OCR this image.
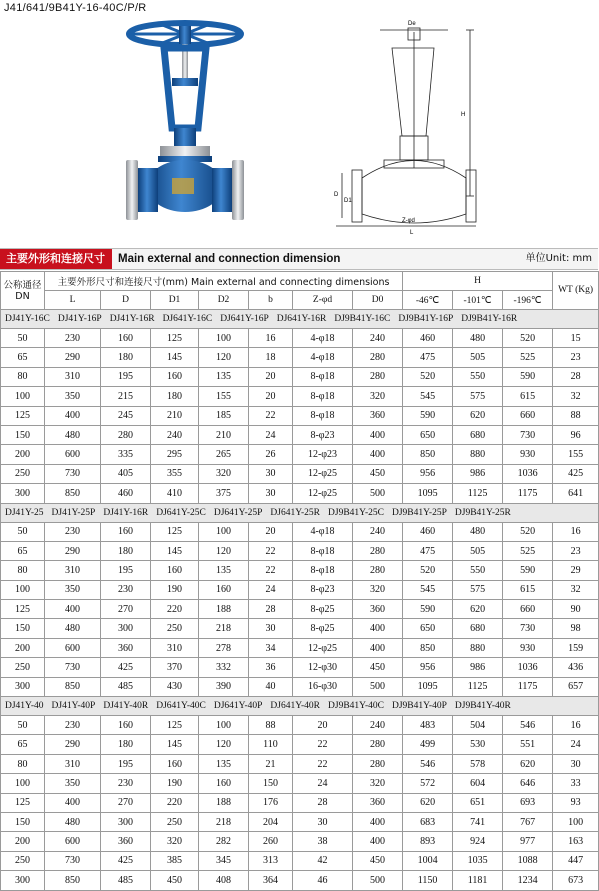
J41/641/9B41Y-16-40C/P/R
De
H
D
D1
Z-φd
L
主要外形和连接尺寸	Main external and connection dimension	单位Unit: mm
公称通径 DN	主要外形尺寸和连接尺寸(mm) Main external and connecting dimensions							H			WT (Kg)
	L	D	D1	D2	b	Z-φd	D0	-46℃	-101℃	-196℃	
DJ41Y-16C DJ41Y-16P DJ41Y-16R DJ641Y-16C DJ641Y-16P DJ641Y-16R DJ9B41Y-16C DJ9B41Y-16P DJ9B41Y-16R											
50	230	160	125	100	16	4-φ18	240	460	480	520	15
65	290	180	145	120	18	4-φ18	280	475	505	525	23
80	310	195	160	135	20	8-φ18	280	520	550	590	28
100	350	215	180	155	20	8-φ18	320	545	575	615	32
125	400	245	210	185	22	8-φ18	360	590	620	660	88
150	480	280	240	210	24	8-φ23	400	650	680	730	96
200	600	335	295	265	26	12-φ23	400	850	880	930	155
250	730	405	355	320	30	12-φ25	450	956	986	1036	425
300	850	460	410	375	30	12-φ25	500	1095	1125	1175	641
DJ41Y-25 DJ41Y-25P DJ41Y-16R DJ641Y-25C DJ641Y-25P DJ641Y-25R DJ9B41Y-25C DJ9B41Y-25P DJ9B41Y-25R											
50	230	160	125	100	20	4-φ18	240	460	480	520	16
65	290	180	145	120	22	8-φ18	280	475	505	525	23
80	310	195	160	135	22	8-φ18	280	520	550	590	29
100	350	230	190	160	24	8-φ23	320	545	575	615	32
125	400	270	220	188	28	8-φ25	360	590	620	660	90
150	480	300	250	218	30	8-φ25	400	650	680	730	98
200	600	360	310	278	34	12-φ25	400	850	880	930	159
250	730	425	370	332	36	12-φ30	450	956	986	1036	436
300	850	485	430	390	40	16-φ30	500	1095	1125	1175	657
DJ41Y-40 DJ41Y-40P DJ41Y-40R DJ641Y-40C DJ641Y-40P DJ641Y-40R DJ9B41Y-40C DJ9B41Y-40P DJ9B41Y-40R											
50	230	160	125	100	88	20	240	483	504	546	16
65	290	180	145	120	110	22	280	499	530	551	24
80	310	195	160	135	21	22	280	546	578	620	30
100	350	230	190	160	150	24	320	572	604	646	33
125	400	270	220	188	176	28	360	620	651	693	93
150	480	300	250	218	204	30	400	683	741	767	100
200	600	360	320	282	260	38	400	893	924	977	163
250	730	425	385	345	313	42	450	1004	1035	1088	447
300	850	485	450	408	364	46	500	1150	1181	1234	673
